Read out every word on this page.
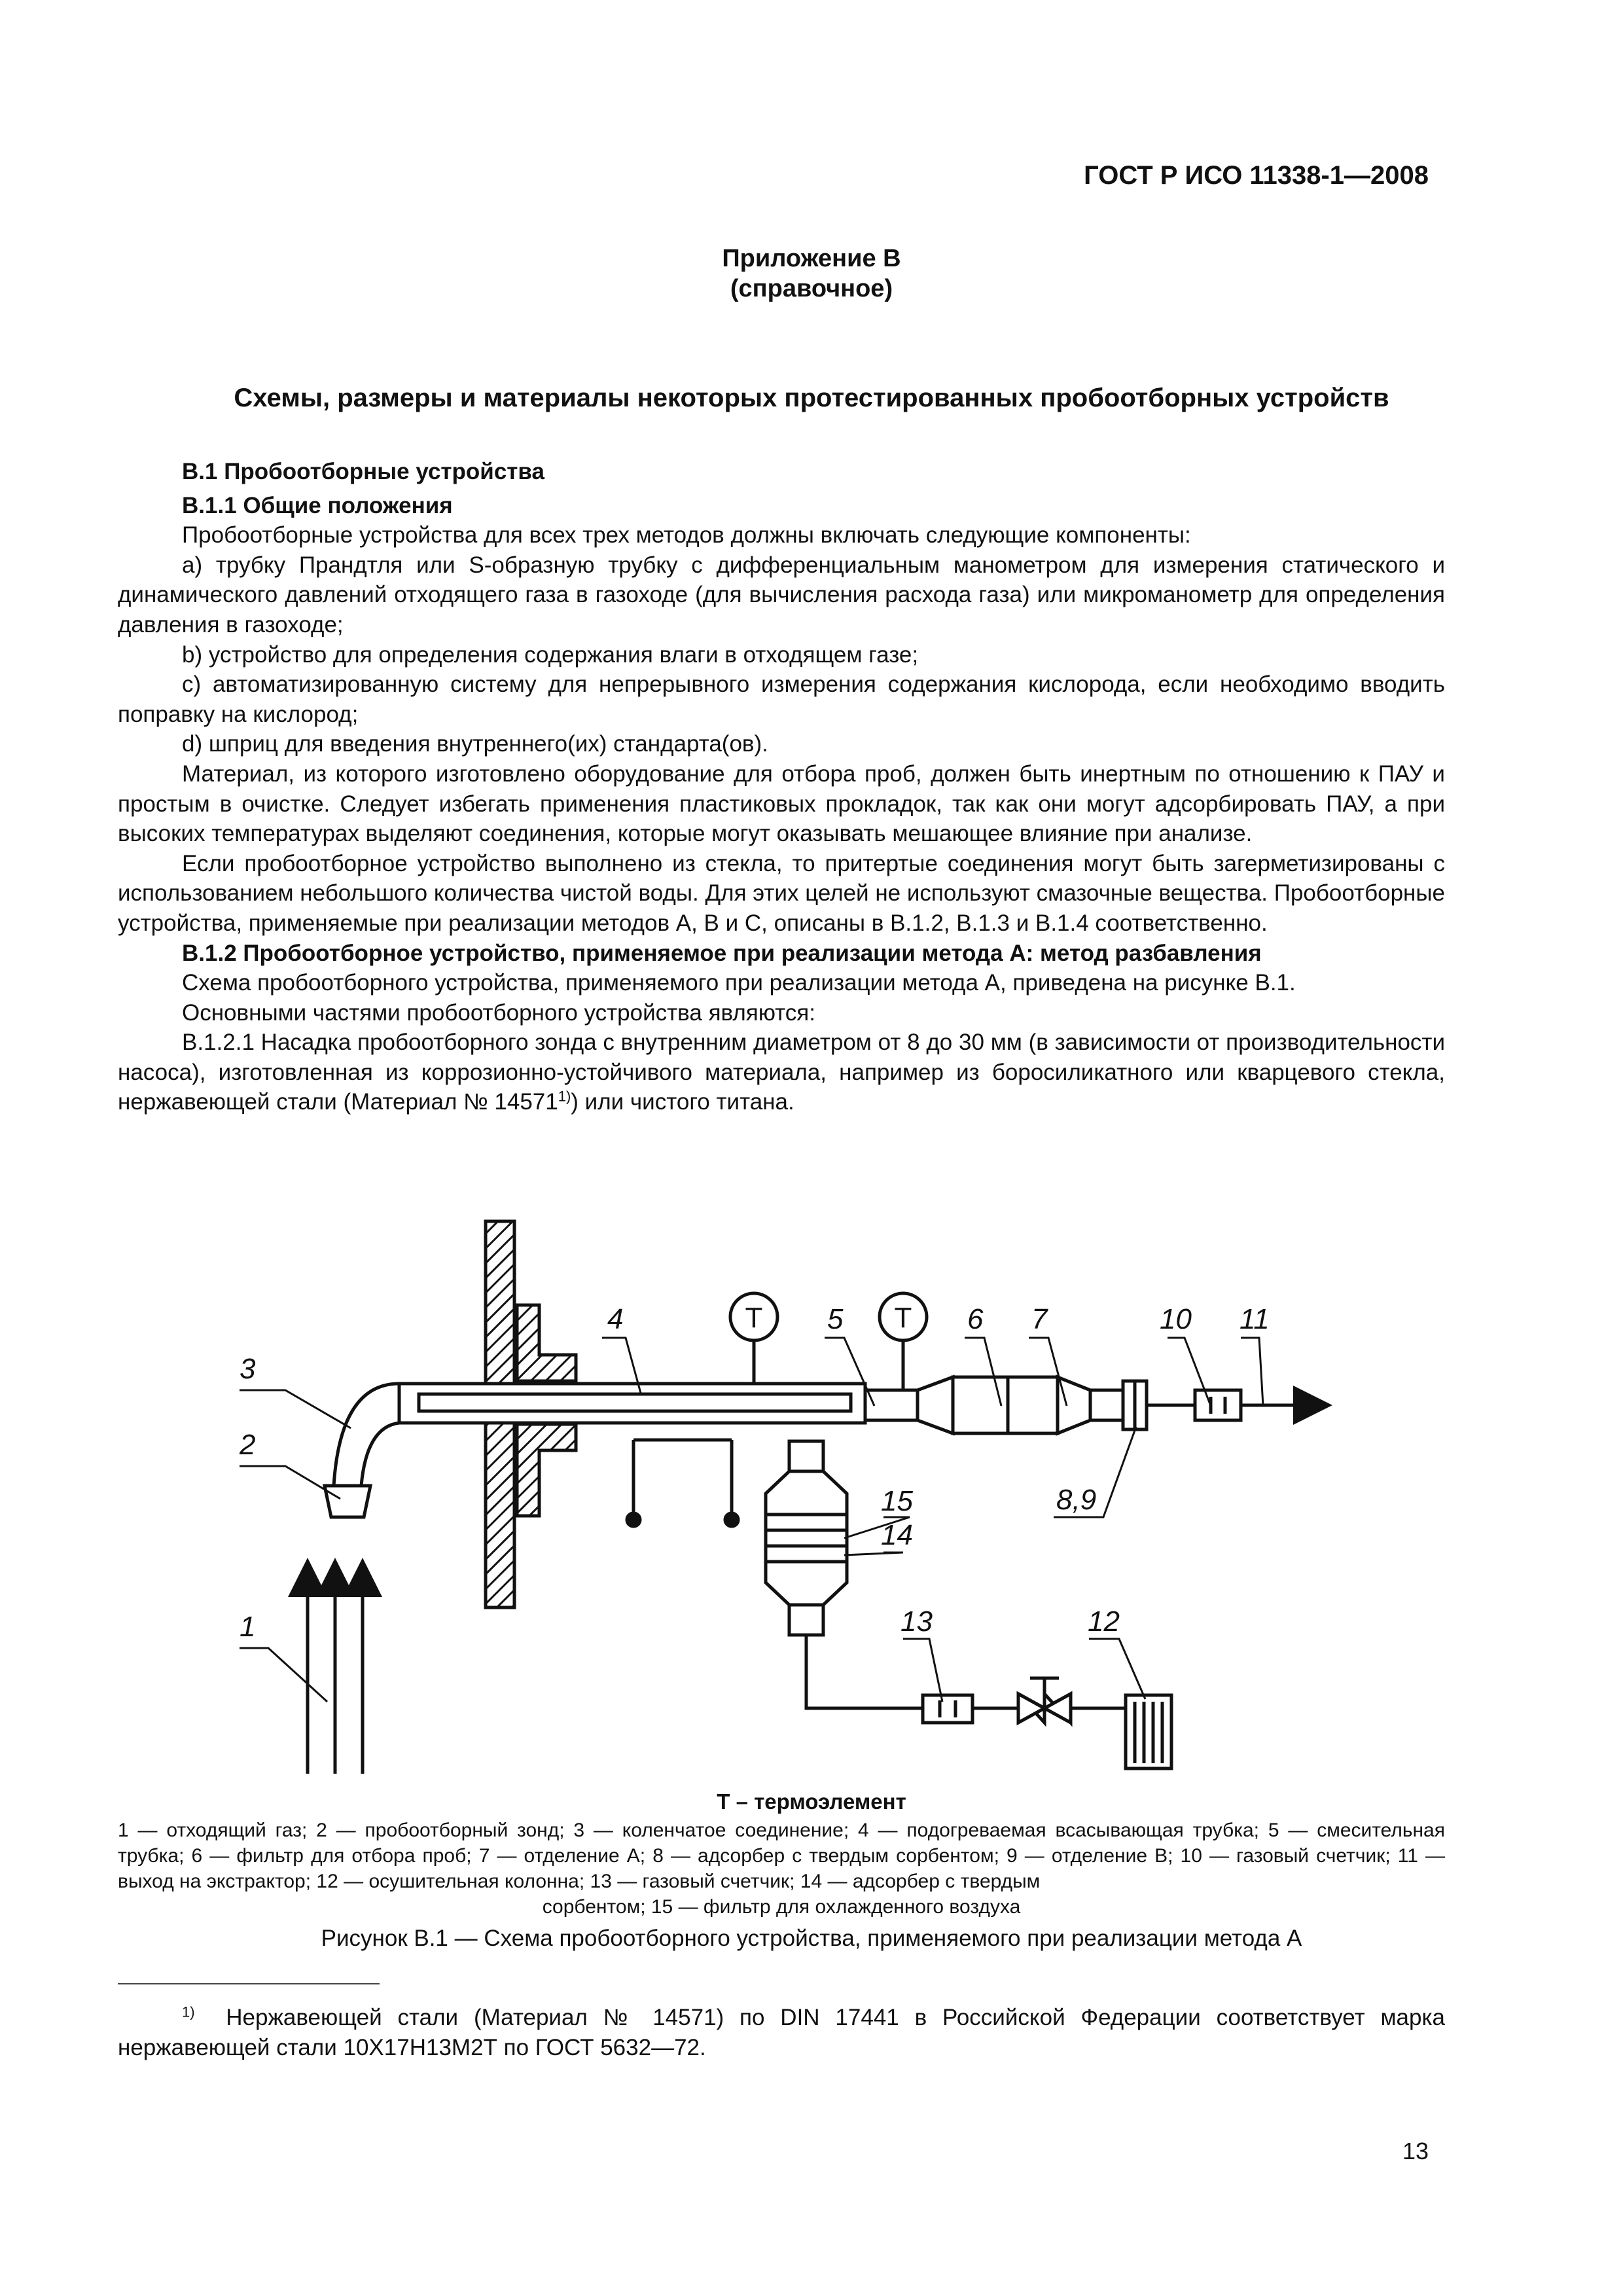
ГОСТ Р ИСО 11338-1—2008
Приложение В
(справочное)
Схемы, размеры и материалы некоторых протестированных пробоотборных устройств

В.1 Пробоотборные устройства

В.1.1 Общие положения

Пробоотборные устройства для всех трех методов должны включать следующие компоненты:

а) трубку Прандтля или S-образную трубку с дифференциальным манометром для измерения статического и динамического давлений отходящего газа в газоходе (для вычисления расхода газа) или микроманометр для определения давления в газоходе;

b) устройство для определения содержания влаги в отходящем газе;

с) автоматизированную систему для непрерывного измерения содержания кислорода, если необходимо вводить поправку на кислород;

d) шприц для введения внутреннего(их) стандарта(ов).

Материал, из которого изготовлено оборудование для отбора проб, должен быть инертным по отношению к ПАУ и простым в очистке. Следует избегать применения пластиковых прокладок, так как они могут адсорбировать ПАУ, а при высоких температурах выделяют соединения, которые могут оказывать мешающее влияние при анализе.

Если пробоотборное устройство выполнено из стекла, то притертые соединения могут быть загерметизированы с использованием небольшого количества чистой воды. Для этих целей не используют смазочные вещества. Пробоотборные устройства, применяемые при реализации методов А, В и С, описаны в В.1.2, В.1.3 и В.1.4 соответственно.

В.1.2 Пробоотборное устройство, применяемое при реализации метода А: метод разбавления

Схема пробоотборного устройства, применяемого при реализации метода А, приведена на рисунке В.1.

Основными частями пробоотборного устройства являются:

В.1.2.1 Насадка пробоотборного зонда с внутренним диаметром от 8 до 30 мм (в зависимости от производительности насоса), изготовленная из коррозионно-устойчивого материала, например из боросиликатного или кварцевого стекла, нержавеющей стали (Материал № 14571$^{1)}$) или чистого титана.

3
2
1
4	5	6 7
8,9
10 11
12
13
14
15
T	T
Т – термоэлемент
1 — отходящий газ; 2 — пробоотборный зонд; 3 — коленчатое соединение; 4 — подогреваемая всасывающая трубка; 5 — смесительная трубка; 6 — фильтр для отбора проб; 7 — отделение А; 8 — адсорбер с твердым сорбентом; 9 — отделение В; 10 — газовый счетчик; 11 — выход на экстрактор; 12 — осушительная колонна; 13 — газовый счетчик; 14 — адсорбер с твердым
сорбентом; 15 — фильтр для охлажденного воздуха
Рисунок В.1 — Схема пробоотборного устройства, применяемого при реализации метода А

$^{1)}$ Нержавеющей стали (Материал № 14571) по DIN 17441 в Российской Федерации соответствует марка нержавеющей стали 10Х17Н13М2Т по ГОСТ 5632—72.

13
